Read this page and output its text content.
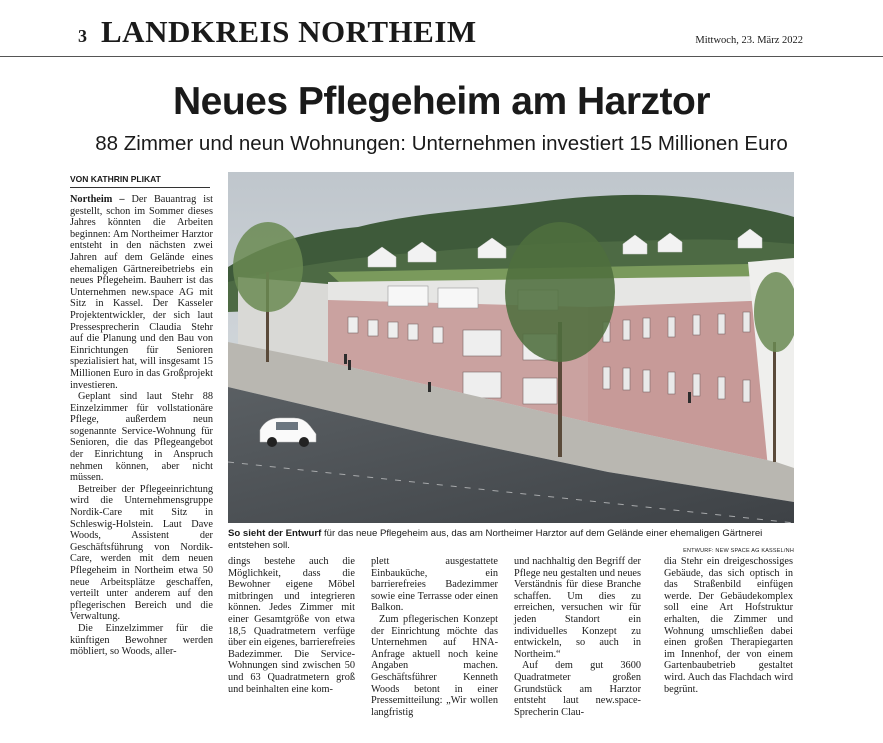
3 LANDKREIS NORTHEIM	Mittwoch, 23. März 2022
Neues Pflegeheim am Harztor
88 Zimmer und neun Wohnungen: Unternehmen investiert 15 Millionen Euro
VON KATHRIN PLIKAT

Northeim – Der Bauantrag ist gestellt, schon im Sommer dieses Jahres könnten die Arbeiten beginnen: Am Northeimer Harztor entsteht in den nächsten zwei Jahren auf dem Gelände eines ehemaligen Gärtnereibetriebs ein neues Pflegeheim. Bauherr ist das Unternehmen new.space AG mit Sitz in Kassel. Der Kasseler Projektentwickler, der sich laut Pressesprecherin Claudia Stehr auf die Planung und den Bau von Einrichtungen für Senioren spezialisiert hat, will insgesamt 15 Millionen Euro in das Großprojekt investieren.

Geplant sind laut Stehr 88 Einzelzimmer für vollstationäre Pflege, außerdem neun sogenannte Service-Wohnung für Senioren, die das Pflegeangebot der Einrichtung in Anspruch nehmen können, aber nicht müssen.

Betreiber der Pflegeeinrichtung wird die Unternehmensgruppe Nordik-Care mit Sitz in Schleswig-Holstein. Laut Dave Woods, Assistent der Geschäftsführung von Nordik-Care, werden mit dem neuen Pflegeheim in Northeim etwa 50 neue Arbeitsplätze geschaffen, verteilt unter anderem auf den pflegerischen Bereich und die Verwaltung.

Die Einzelzimmer für die künftigen Bewohner werden möbliert, so Woods, aller-

So sieht der Entwurf für das neue Pflegeheim aus, das am Northeimer Harztor auf dem Gelände einer ehemaligen Gärtnerei entstehen soll.
ENTWURF: NEW SPACE AG KASSEL/NH

dings bestehe auch die Möglichkeit, dass die Bewohner eigene Möbel mitbringen und integrieren können. Jedes Zimmer mit einer Gesamtgröße von etwa 18,5 Quadratmetern verfüge über ein eigenes, barrierefreies Badezimmer. Die Service-Wohnungen sind zwischen 50 und 63 Quadratmetern groß und beinhalten eine kom-

plett ausgestattete Einbauküche, ein barrierefreies Badezimmer sowie eine Terrasse oder einen Balkon.

Zum pflegerischen Konzept der Einrichtung möchte das Unternehmen auf HNA-Anfrage aktuell noch keine Angaben machen. Geschäftsführer Kenneth Woods betont in einer Pressemitteilung: „Wir wollen langfristig

und nachhaltig den Begriff der Pflege neu gestalten und neues Verständnis für diese Branche schaffen. Um dies zu erreichen, versuchen wir für jeden Standort ein individuelles Konzept zu entwickeln, so auch in Northeim.“

Auf dem gut 3600 Quadratmeter großen Grundstück am Harztor entsteht laut new.space-Sprecherin Clau-

dia Stehr ein dreigeschossiges Gebäude, das sich optisch in das Straßenbild einfügen werde. Der Gebäudekomplex soll eine Art Hofstruktur erhalten, die Zimmer und Wohnung umschließen dabei einen großen Therapiegarten im Innenhof, der von einem Gartenbaubetrieb gestaltet wird. Auch das Flachdach wird begrünt.
